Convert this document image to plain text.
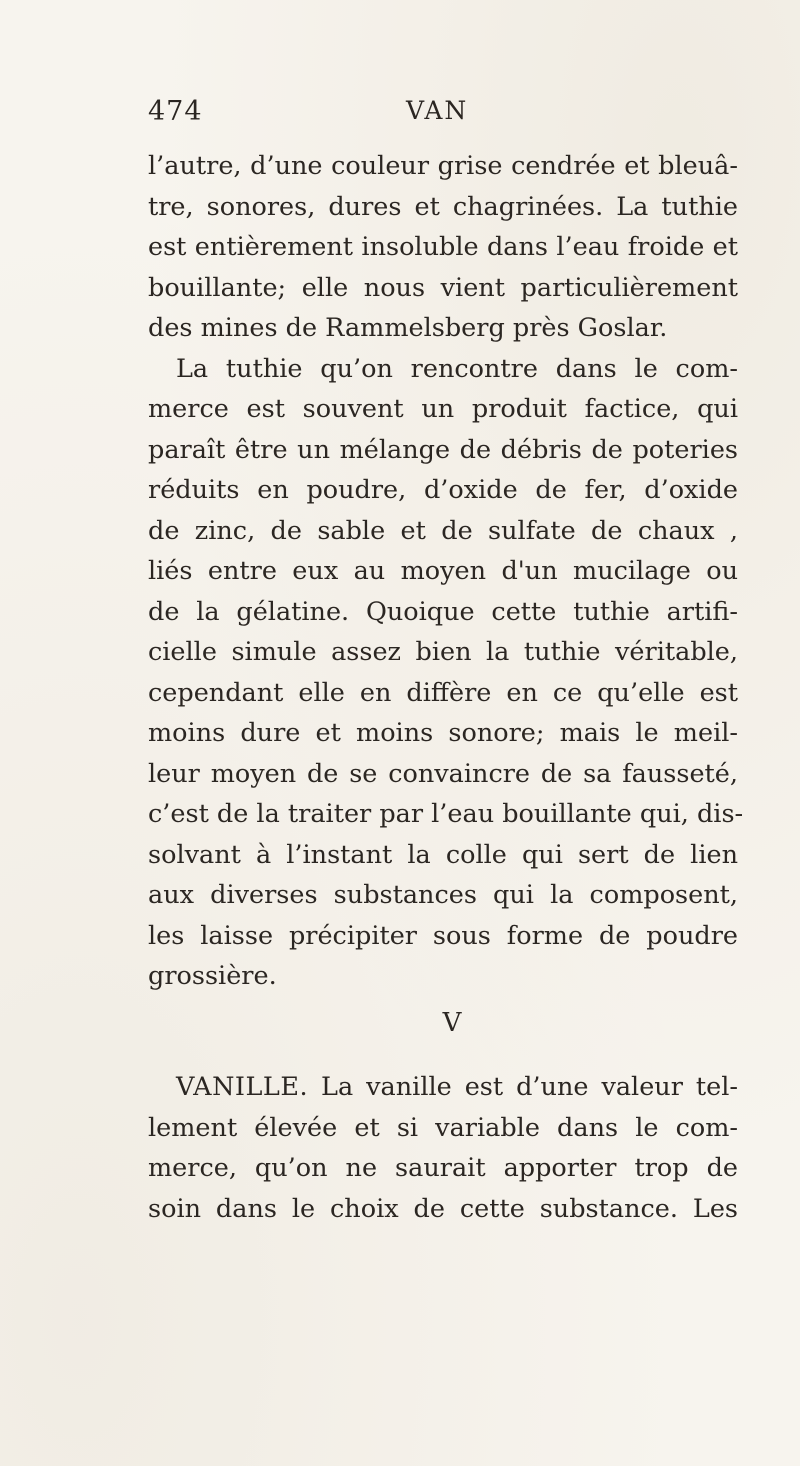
474	VAN
l’autre, d’une couleur grise cendrée et bleuâ-
tre, sonores, dures et chagrinées. La tuthie
est entièrement insoluble dans l’eau froide et
bouillante; elle nous vient particulièrement
des mines de Rammelsberg près Goslar.
La tuthie qu’on rencontre dans le com-
merce est souvent un produit factice, qui
paraît être un mélange de débris de poteries
réduits en poudre, d’oxide de fer, d’oxide
de zinc, de sable et de sulfate de chaux ,
liés entre eux au moyen d'un mucilage ou
de la gélatine. Quoique cette tuthie artifi-
cielle simule assez bien la tuthie véritable,
cependant elle en diffère en ce qu’elle est
moins dure et moins sonore; mais le meil-
leur moyen de se convaincre de sa fausseté,
c’est de la traiter par l’eau bouillante qui, dis-
solvant à l’instant la colle qui sert de lien
aux diverses substances qui la composent,
les laisse précipiter sous forme de poudre
grossière.
V
VANILLE. La vanille est d’une valeur tel-
lement élevée et si variable dans le com-
merce, qu’on ne saurait apporter trop de
soin dans le choix de cette substance. Les
